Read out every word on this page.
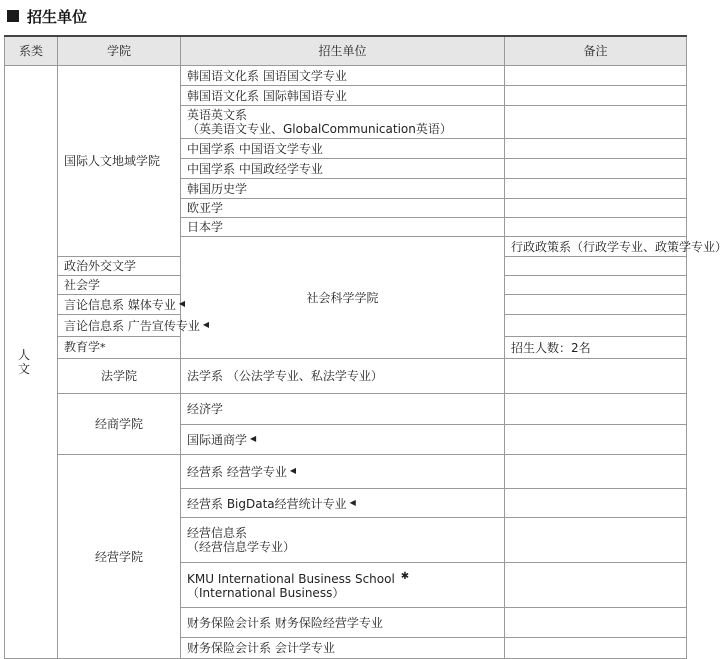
招生单位
系类	学院	招生单位	备注	
人 文	国际人文地域学院	韩国语文化系 国语国文学专业		
		韩国语文化系 国际韩国语专业		

		英语英文系
（英美语文专业、GlobalCommunication英语）		

		中国学系 中国语文学专业		
		中国学系 中国政经学专业		
		韩国历史学		
		欧亚学		
		日本学		
		社会科学学院	行政政策系（行政学专业、政策学专业）	
	政治外交文学			
	社会学			
	言论信息系 媒体专业 ◀	
	言论信息系 广告宣传专业 ◀	
	教育学*		招生人数：2名	
	法学院	法学系 （公法学专业、私法学专业）		
	经商学院	经济学		
		国际通商学 ◀	
	经营学院	经营系 经营学专业 ◀	
		经营系 BigData经营统计专业 ◀	

		经营信息系
（经营信息学专业）		

		KMU International Business School ✱
（International Business）		

		财务保险会计系 财务保险经营学专业		
		财务保险会计系 会计学专业		
